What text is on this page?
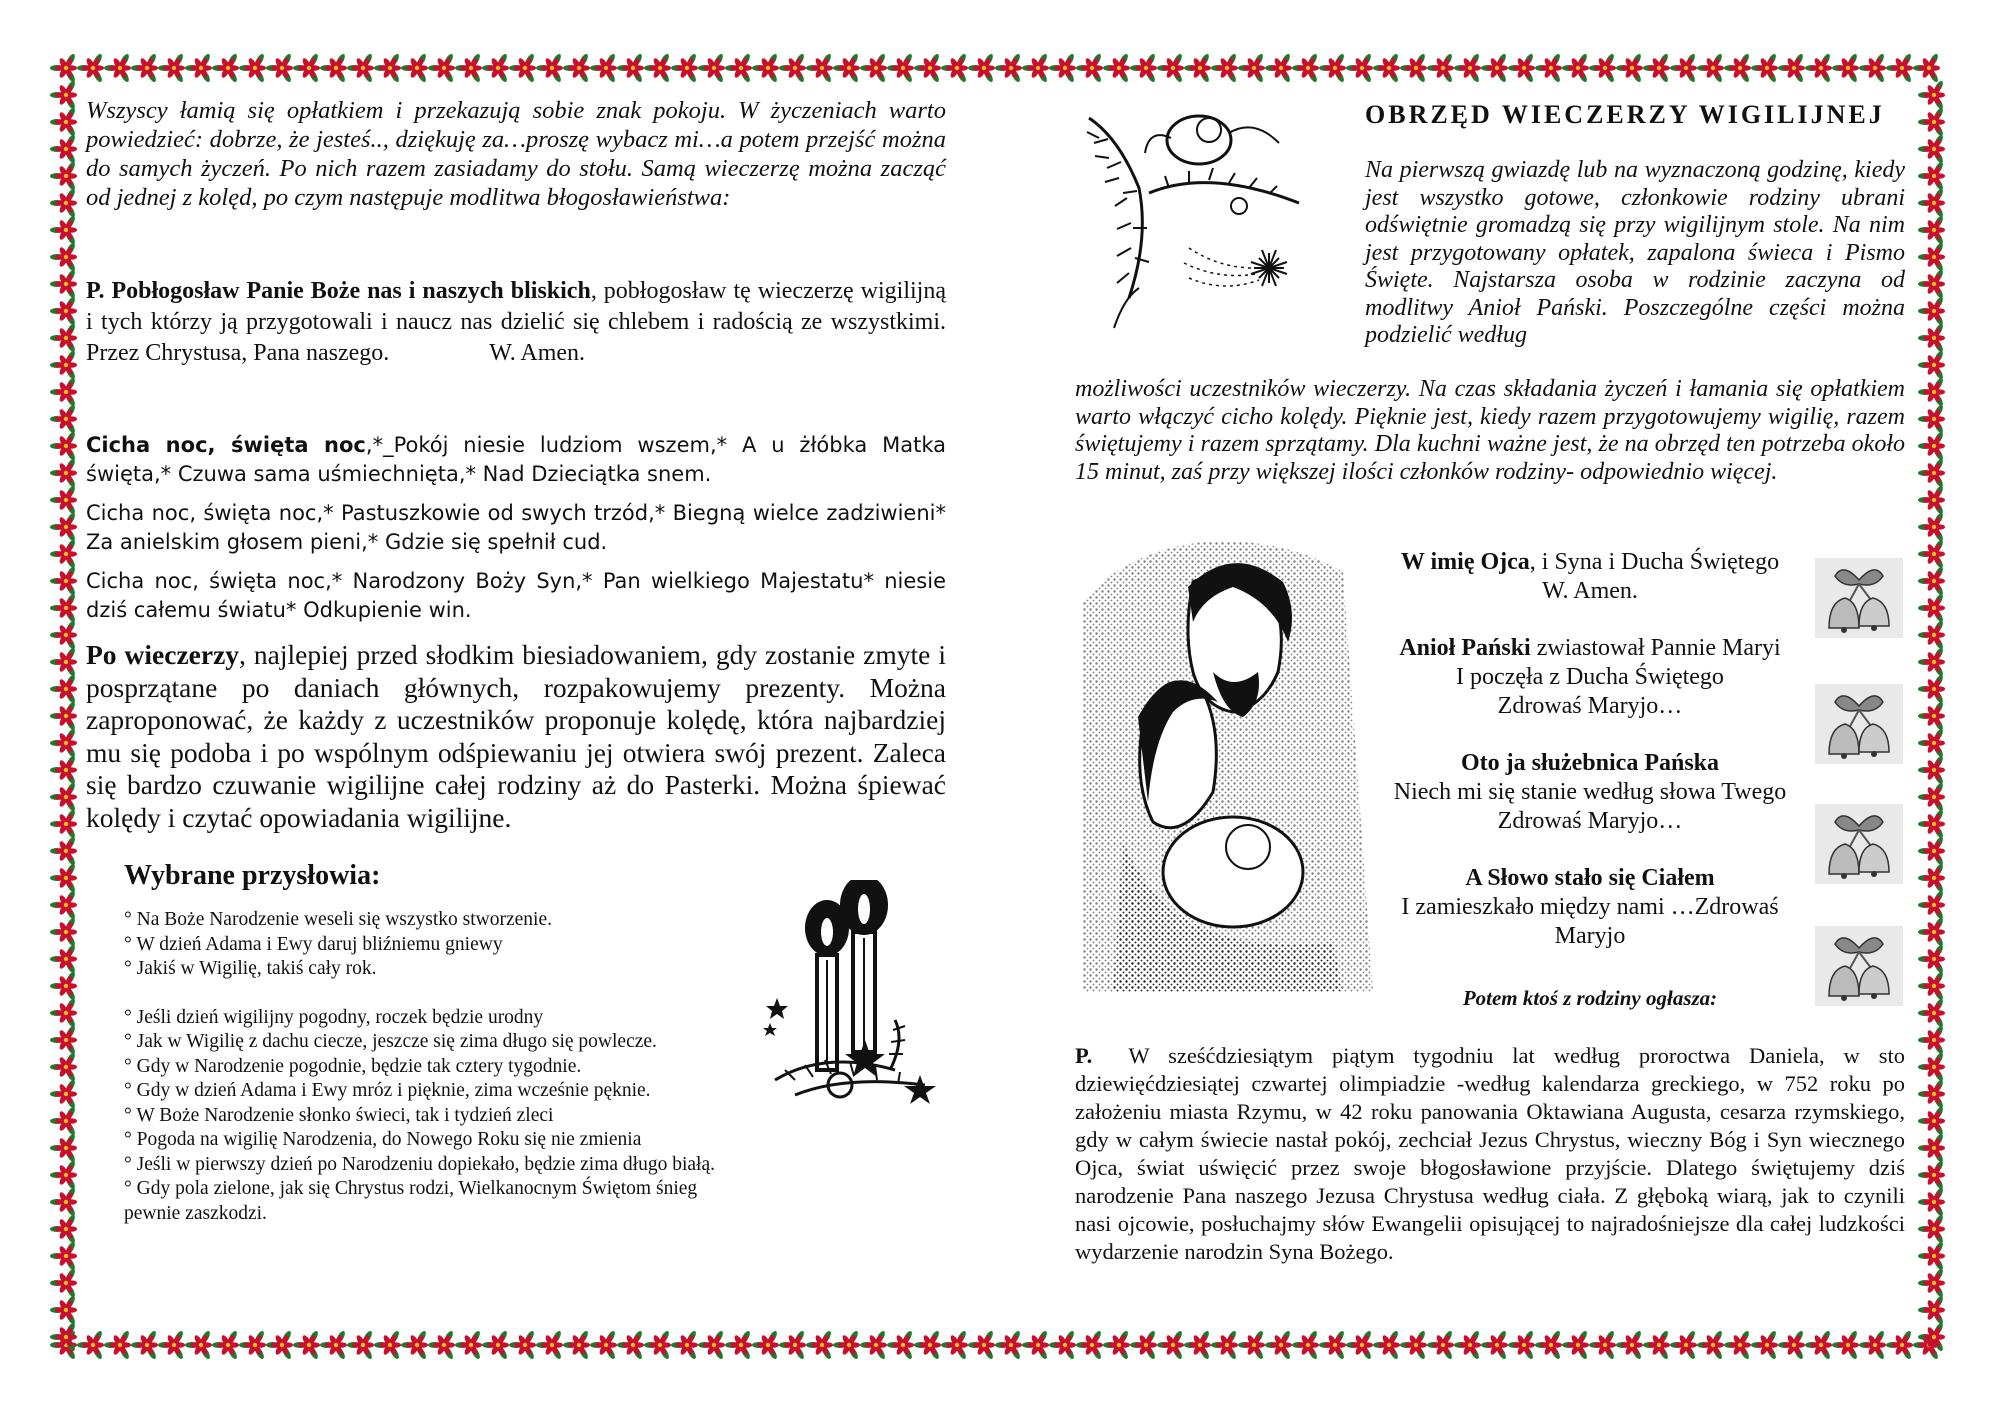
Wszyscy łamią się opłatkiem i przekazują sobie znak pokoju. W życzeniach warto powiedzieć: dobrze, że jesteś.., dziękuję za…proszę wybacz mi…a potem przejść można do samych życzeń. Po nich razem zasiadamy do stołu. Samą wieczerzę można zacząć od jednej z kolęd, po czym następuje modlitwa błogosławieństwa:

P. Pobłogosław Panie Boże nas i naszych bliskich, pobłogosław tę wieczerzę wigilijną i tych którzy ją przygotowali i naucz nas dzielić się chlebem i radością ze wszystkimi. Przez Chrystusa, Pana naszego.	W. Amen.

Cicha noc, święta noc,*_Pokój niesie ludziom wszem,* A u żłóbka Matka święta,* Czuwa sama uśmiechnięta,* Nad Dzieciątka snem.

Cicha noc, święta noc,* Pastuszkowie od swych trzód,* Biegną wielce zadziwieni* Za anielskim głosem pieni,* Gdzie się spełnił cud.

Cicha noc, święta noc,* Narodzony Boży Syn,* Pan wielkiego Majestatu* niesie dziś całemu światu* Odkupienie win.

Po wieczerzy, najlepiej przed słodkim biesiadowaniem, gdy zostanie zmyte i posprzątane po daniach głównych, rozpakowujemy prezenty. Można zaproponować, że każdy z uczestników proponuje kolędę, która najbardziej mu się podoba i po wspólnym odśpiewaniu jej otwiera swój prezent. Zaleca się bardzo czuwanie wigilijne całej rodziny aż do Pasterki. Można śpiewać kolędy i czytać opowiadania wigilijne.

Wybrane przysłowia:
° Na Boże Narodzenie weseli się wszystko stworzenie.
° W dzień Adama i Ewy daruj bliźniemu gniewy
° Jakiś w Wigilię, takiś cały rok.
° Jeśli dzień wigilijny pogodny, roczek będzie urodny
° Jak w Wigilię z dachu ciecze, jeszcze się zima długo się powlecze.
° Gdy w Narodzenie pogodnie, będzie tak cztery tygodnie.
° Gdy w dzień Adama i Ewy mróz i pięknie, zima wcześnie pęknie.
° W Boże Narodzenie słonko świeci, tak i tydzień zleci
° Pogoda na wigilię Narodzenia, do Nowego Roku się nie zmienia
° Jeśli w pierwszy dzień po Narodzeniu dopiekało, będzie zima długo białą.
° Gdy pola zielone, jak się Chrystus rodzi, Wielkanocnym Świętom śnieg
pewnie zaszkodzi.
OBRZĘD WIECZERZY WIGILIJNEJ

Na pierwszą gwiazdę lub na wyznaczoną godzinę, kiedy jest wszystko gotowe, członkowie rodziny ubrani odświętnie gromadzą się przy wigilijnym stole. Na nim jest przygotowany opłatek, zapalona świeca i Pismo Święte. Najstarsza osoba w rodzinie zaczyna od modlitwy Anioł Pański. Poszczególne części można podzielić według

możliwości uczestników wieczerzy. Na czas składania życzeń i łamania się opłatkiem warto włączyć cicho kolędy. Pięknie jest, kiedy razem przygotowujemy wigilię, razem świętujemy i razem sprzątamy. Dla kuchni ważne jest, że na obrzęd ten potrzeba około 15 minut, zaś przy większej ilości członków rodziny- odpowiednio więcej.

W imię Ojca, i Syna i Ducha Świętego
W. Amen.
Anioł Pański zwiastował Pannie Maryi
I poczęła z Ducha Świętego
Zdrowaś Maryjo…
Oto ja służebnica Pańska
Niech mi się stanie według słowa Twego
Zdrowaś Maryjo…
A Słowo stało się Ciałem
I zamieszkało między nami …Zdrowaś Maryjo
Potem ktoś z rodziny ogłasza:

P. W sześćdziesiątym piątym tygodniu lat według proroctwa Daniela, w sto dziewięćdziesiątej czwartej olimpiadzie -według kalendarza greckiego, w 752 roku po założeniu miasta Rzymu, w 42 roku panowania Oktawiana Augusta, cesarza rzymskiego, gdy w całym świecie nastał pokój, zechciał Jezus Chrystus, wieczny Bóg i Syn wiecznego Ojca, świat uświęcić przez swoje błogosławione przyjście. Dlatego świętujemy dziś narodzenie Pana naszego Jezusa Chrystusa według ciała. Z głęboką wiarą, jak to czynili nasi ojcowie, posłuchajmy słów Ewangelii opisującej to najradośniejsze dla całej ludzkości wydarzenie narodzin Syna Bożego.
